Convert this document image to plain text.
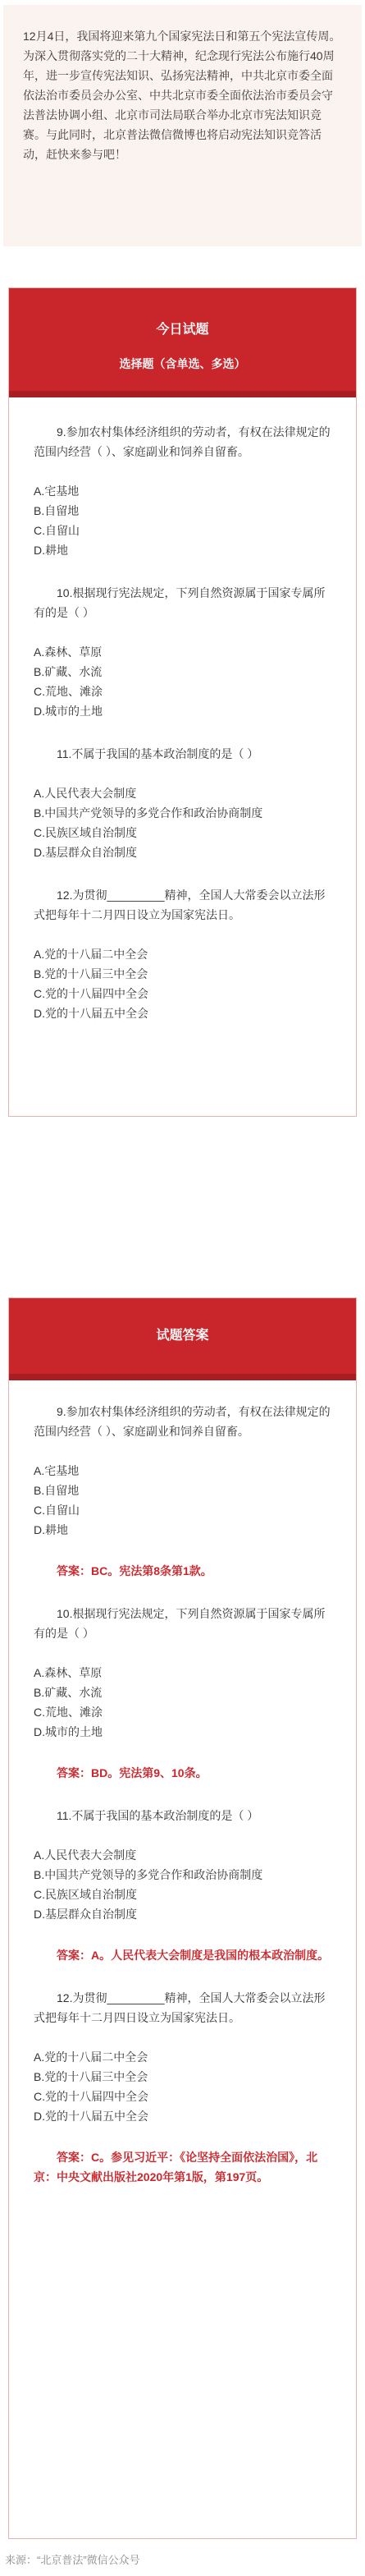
12月4日，我国将迎来第九个国家宪法日和第五个宪法宣传周。为深入贯彻落实党的二十大精神，纪念现行宪法公布施行40周年，进一步宣传宪法知识、弘扬宪法精神，中共北京市委全面依法治市委员会办公室、中共北京市委全面依法治市委员会守法普法协调小组、北京市司法局联合举办北京市宪法知识竞赛。与此同时，北京普法微信微博也将启动宪法知识竞答活动，赶快来参与吧！
今日试题
选择题（含单选、多选）
9.参加农村集体经济组织的劳动者，有权在法律规定的范围内经营（ ）、家庭副业和饲养自留畜。
A.宅基地
B.自留地
C.自留山
D.耕地
10.根据现行宪法规定，下列自然资源属于国家专属所有的是（ ）
A.森林、草原
B.矿藏、水流
C.荒地、滩涂
D.城市的土地
11.不属于我国的基本政治制度的是（ ）
A.人民代表大会制度
B.中国共产党领导的多党合作和政治协商制度
C.民族区域自治制度
D.基层群众自治制度
12.为贯彻_________精神，全国人大常委会以立法形式把每年十二月四日设立为国家宪法日。
A.党的十八届二中全会
B.党的十八届三中全会
C.党的十八届四中全会
D.党的十八届五中全会
试题答案
9.参加农村集体经济组织的劳动者，有权在法律规定的范围内经营（ ）、家庭副业和饲养自留畜。
A.宅基地
B.自留地
C.自留山
D.耕地
答案：BC。宪法第8条第1款。
10.根据现行宪法规定，下列自然资源属于国家专属所有的是（ ）
A.森林、草原
B.矿藏、水流
C.荒地、滩涂
D.城市的土地
答案：BD。宪法第9、10条。
11.不属于我国的基本政治制度的是（ ）
A.人民代表大会制度
B.中国共产党领导的多党合作和政治协商制度
C.民族区域自治制度
D.基层群众自治制度
答案：A。人民代表大会制度是我国的根本政治制度。
12.为贯彻_________精神，全国人大常委会以立法形式把每年十二月四日设立为国家宪法日。
A.党的十八届二中全会
B.党的十八届三中全会
C.党的十八届四中全会
D.党的十八届五中全会
答案：C。参见习近平：《论坚持全面依法治国》，北京：中央文献出版社2020年第1版，第197页。
来源：“北京普法”微信公众号
